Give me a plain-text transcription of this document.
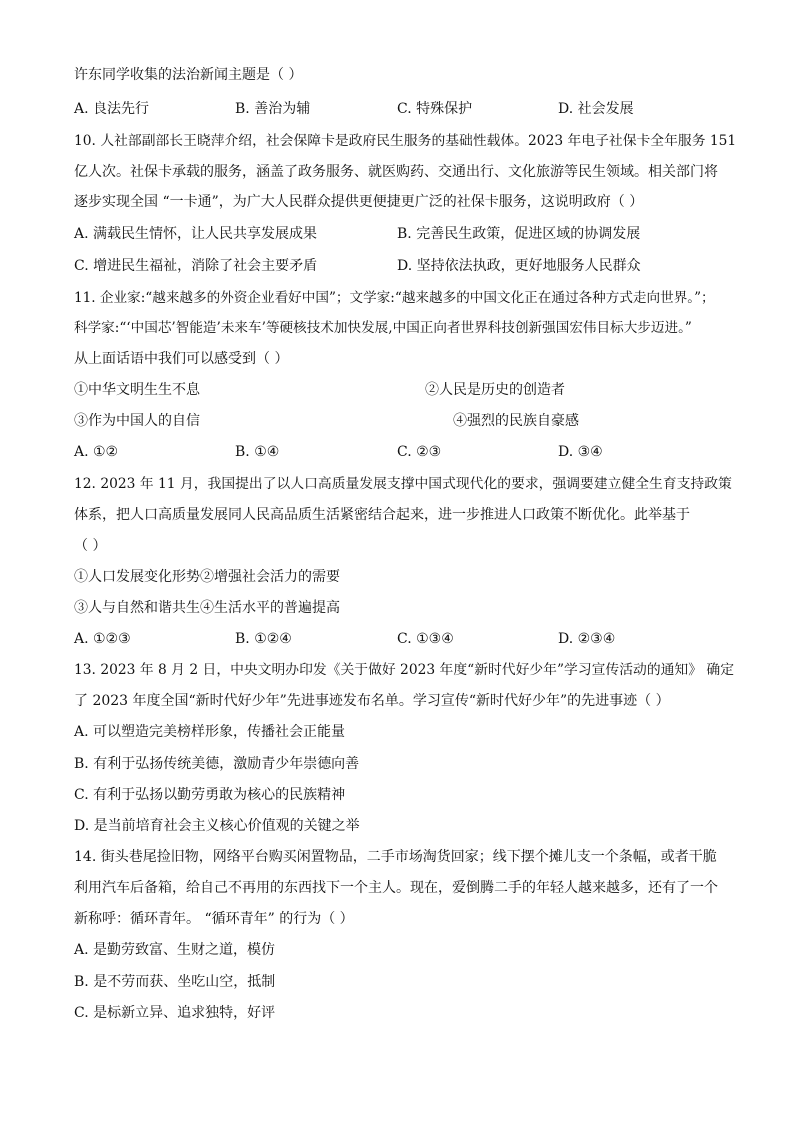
许东同学收集的法治新闻主题是（ ）
A. 良法先行	B. 善治为辅	C. 特殊保护	D. 社会发展
10. 人社部副部长王晓萍介绍，社会保障卡是政府民生服务的基础性载体。2023 年电子社保卡全年服务 151
亿人次。社保卡承载的服务，涵盖了政务服务、就医购药、交通出行、文化旅游等民生领域。相关部门将
逐步实现全国 “一卡通”，为广大人民群众提供更便捷更广泛的社保卡服务，这说明政府（ ）
A. 满载民生情怀，让人民共享发展成果	B. 完善民生政策，促进区域的协调发展
C. 增进民生福祉，消除了社会主要矛盾	D. 坚持依法执政，更好地服务人民群众
11. 企业家:“越来越多的外资企业看好中国”；文学家:“越来越多的中国文化正在通过各种方式走向世界。”；
科学家:“‘中国芯’智能造’未来车’等硬核技术加快发展,中国正向者世界科技创新强国宏伟目标大步迈进。”
从上面话语中我们可以感受到（ ）
①中华文明生生不息	②人民是历史的创造者
③作为中国人的自信	④强烈的民族自豪感
A. ①②	B. ①④	C. ②③	D. ③④
12. 2023 年 11 月，我国提出了以人口高质量发展支撑中国式现代化的要求，强调要建立健全生育支持政策
体系，把人口高质量发展同人民高品质生活紧密结合起来，进一步推进人口政策不断优化。此举基于
（ ）
①人口发展变化形势②增强社会活力的需要
③人与自然和谐共生④生活水平的普遍提高
A. ①②③	B. ①②④	C. ①③④	D. ②③④
13. 2023 年 8 月 2 日，中央文明办印发《关于做好 2023 年度“新时代好少年”学习宣传活动的通知》 确定
了 2023 年度全国“新时代好少年”先进事迹发布名单。学习宣传“新时代好少年”的先进事迹（ ）
A. 可以塑造完美榜样形象，传播社会正能量
B. 有利于弘扬传统美德，激励青少年崇德向善
C. 有利于弘扬以勤劳勇敢为核心的民族精神
D. 是当前培育社会主义核心价值观的关键之举
14. 街头巷尾捡旧物，网络平台购买闲置物品，二手市场淘货回家；线下摆个摊儿支一个条幅，或者干脆
利用汽车后备箱，给自己不再用的东西找下一个主人。现在，爱倒腾二手的年轻人越来越多，还有了一个
新称呼：循环青年。 “循环青年” 的行为（ ）
A. 是勤劳致富、生财之道，模仿
B. 是不劳而获、坐吃山空，抵制
C. 是标新立异、追求独特，好评
